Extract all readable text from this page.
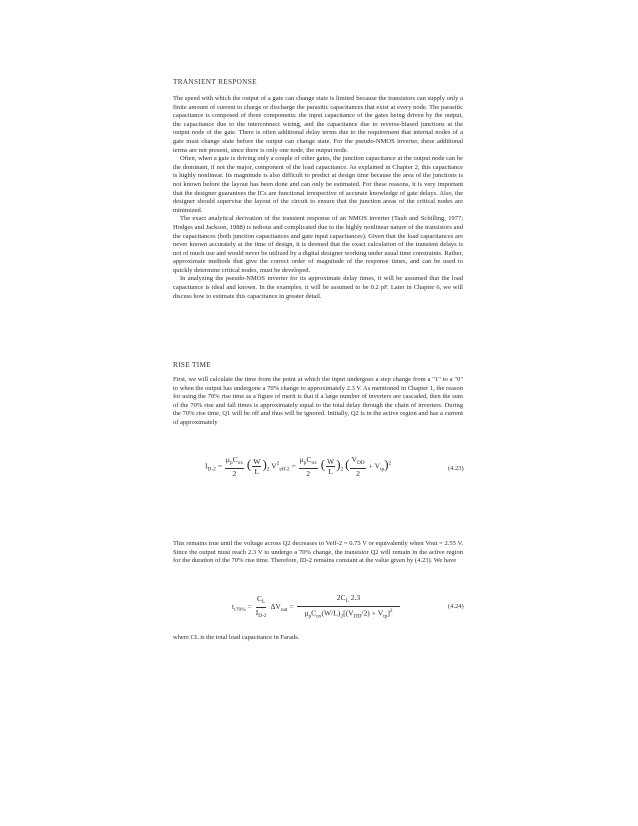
TRANSIENT RESPONSE

The speed with which the output of a gate can change state is limited because the transistors can supply only a finite amount of current to charge or discharge the parasitic capacitances that exist at every node. The parasitic capacitance is composed of three components: the input capacitance of the gates being driven by the output, the capacitance due to the interconnect wiring, and the capacitance due to reverse-biased junctions at the output node of the gate. There is often additional delay terms due to the requirement that internal nodes of a gate must change state before the output can change state. For the pseudo-NMOS inverter, these additional terms are not present, since there is only one node, the output node.

Often, when a gate is driving only a couple of other gates, the junction capacitance at the output node can be the dominant, if not the major, component of the load capacitance. As explained in Chapter 2, this capacitance is highly nonlinear. Its magnitude is also difficult to predict at design time because the area of the junctions is not known before the layout has been done and can only be estimated. For these reasons, it is very important that the designer guarantees the ICs are functional irrespective of accurate knowledge of gate delays. Also, the designer should supervise the layout of the circuit to ensure that the junction areas of the critical nodes are minimized.

The exact analytical derivation of the transient response of an NMOS inverter (Taub and Schilling, 1977; Hodges and Jackson, 1988) is tedious and complicated due to the highly nonlinear nature of the transistors and the capacitances (both junction capacitances and gate input capacitances). Given that the load capacitances are never known accurately at the time of design, it is deemed that the exact calculation of the transient delays is not of much use and would never be utilized by a digital designer working under usual time constraints. Rather, approximate methods that give the correct order of magnitude of the response times, and can be used to quickly determine critical nodes, must be developed.

In analyzing the pseudo-NMOS inverter for its approximate delay times, it will be assumed that the load capacitance is ideal and known. In the examples, it will be assumed to be 0.2 pF. Later in Chapter 6, we will discuss how to estimate this capacitance in greater detail.

RISE TIME

First, we will calculate the time from the point at which the input undergoes a step change from a "1" to a "0" to when the output has undergone a 70% change to approximately 2.3 V. As mentioned in Chapter 1, the reason for using the 70% rise time as a figure of merit is that if a large number of inverters are cascaded, then the sum of the 70% rise and fall times is approximately equal to the total delay through the chain of inverters. During the 70% rise time, Q1 will be off and thus will be ignored. Initially, Q2 is in the active region and has a current of approximately

$I_{D-2} = \frac{\mu_pC_{ox}}{2}$ ( $\frac{W}{L} )_2$ $V^2_{eff-2} = \frac{\mu_pC_{ox}}{2}$ ( $\frac{W}{L} )_2$ ( $\frac{V_{DD}}{2} + V_{tp})^2$
(4.23)

This remains true until the voltage across Q2 decreases to Veff-2 = 0.75 V or equivalently when Vout = 2.55 V. Since the output must reach 2.3 V to undergo a 70% change, the transistor Q2 will remain in the active region for the duration of the 70% rise time. Therefore, ID-2 remains constant at the value given by (4.23). We have

$t_{r70\%} = \frac{C_L}{I_{D-2}} \Delta V_{out} = \frac{2C_L 2.3}{\mu_pC_{ox}(W/L)_2[(V_{DD}/2) + V_{tp}]^2}$	(4.24)

where CL is the total load capacitance in Farads.
